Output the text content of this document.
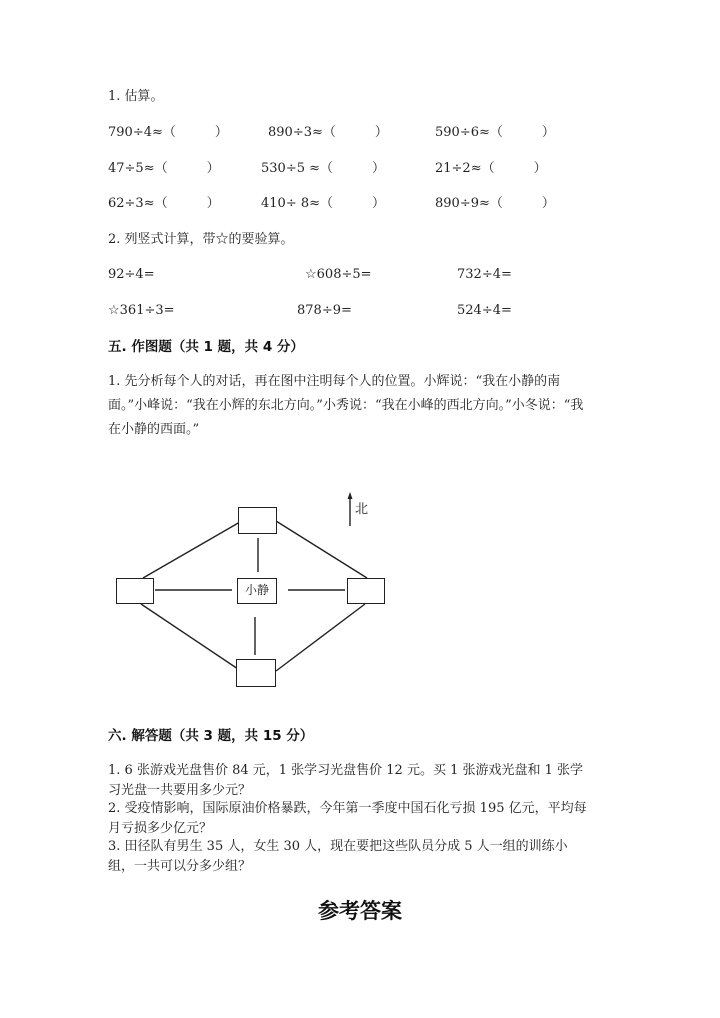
1. 估算。
790÷4≈（　　　）	890÷3≈（　　　）	590÷6≈（　　　）
47÷5≈（　　　）	530÷5 ≈（　　　）	21÷2≈（　　　）
62÷3≈（　　　）	410÷ 8≈（　　　）	890÷9≈（　　　）
2. 列竖式计算，带☆的要验算。
92÷4=	☆608÷5=	732÷4=
☆361÷3=	878÷9=	524÷4=
五. 作图题（共 1 题，共 4 分）
1. 先分析每个人的对话，再在图中注明每个人的位置。小辉说：“我在小静的南面。”小峰说：“我在小辉的东北方向。”小秀说：“我在小峰的西北方向。”小冬说：“我在小静的西面。”
北
小静
六. 解答题（共 3 题，共 15 分）
1. 6 张游戏光盘售价 84 元，1 张学习光盘售价 12 元。买 1 张游戏光盘和 1 张学习光盘一共要用多少元？
2. 受疫情影响，国际原油价格暴跌，今年第一季度中国石化亏损 195 亿元，平均每月亏损多少亿元？
3. 田径队有男生 35 人，女生 30 人，现在要把这些队员分成 5 人一组的训练小组，一共可以分多少组？
参考答案
